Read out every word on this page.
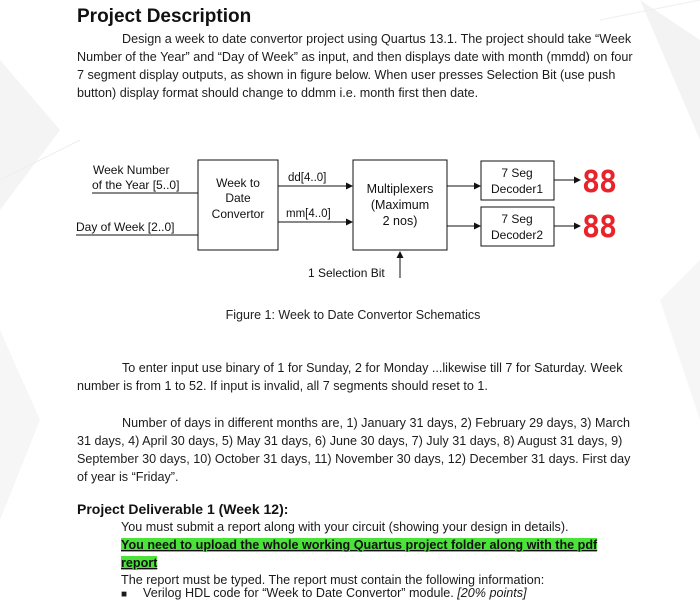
Project Description

Design a week to date convertor project using Quartus 13.1. The project should take “Week Number of the Year” and “Day of Week” as input, and then displays date with month (mmdd) on four 7 segment display outputs, as shown in figure below. When user presses Selection Bit (use push button) display format should change to ddmm i.e. month first then date.

Week Number
of the Year [5..0]
Day of Week [2..0]
Week to
Date
Convertor
dd[4..0]
mm[4..0]
Multiplexers
(Maximum
2 nos)
7 Seg
Decoder1
7 Seg
Decoder2
88
88
1 Selection Bit

Figure 1: Week to Date Convertor Schematics

To enter input use binary of 1 for Sunday, 2 for Monday ...likewise till 7 for Saturday. Week number is from 1 to 52. If input is invalid, all 7 segments should reset to 1.

Number of days in different months are, 1) January 31 days, 2) February 29 days, 3) March 31 days, 4) April 30 days, 5) May 31 days, 6) June 30 days, 7) July 31 days, 8) August 31 days, 9) September 30 days, 10) October 31 days, 11) November 30 days, 12) December 31 days. First day of year is “Friday”.

Project Deliverable 1 (Week 12):

You must submit a report along with your circuit (showing your design in details).

You need to upload the whole working Quartus project folder along with the pdf
report

The report must be typed. The report must contain the following information:

■ Verilog HDL code for “Week to Date Convertor” module. [20% points]
